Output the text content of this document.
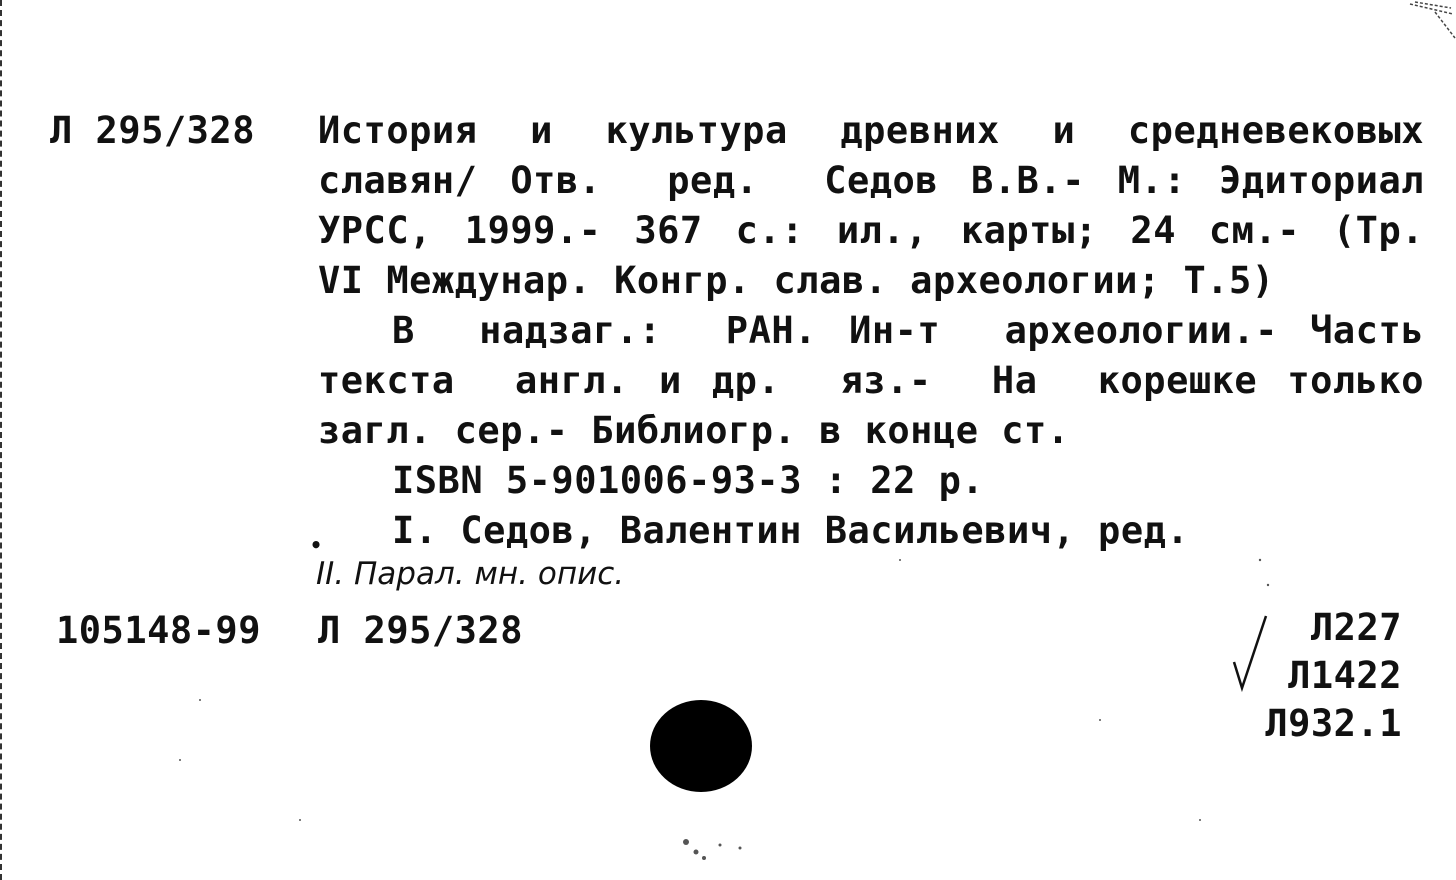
Л 295/328 История и культура древних и средневековых
славян/ Отв.  ред.  Седов В.В.- М.: Эдиториал
УРСС, 1999.- 367 с.: ил., карты; 24 см.- (Тр.
VI Междунар. Конгр. слав. археологии; Т.5)
В  надзаг.:  РАН. Ин-т  археологии.- Часть
текста  англ. и др.  яз.-  На  корешке только
загл. сер.- Библиогр. в конце ст.
ISBN 5-901006-93-3 : 22 р.
• I. Седов, Валентин Васильевич, ред.
II. Парал. мн. опис.
105148-99 Л 295/328	Л227
Л1422
Л932.1
